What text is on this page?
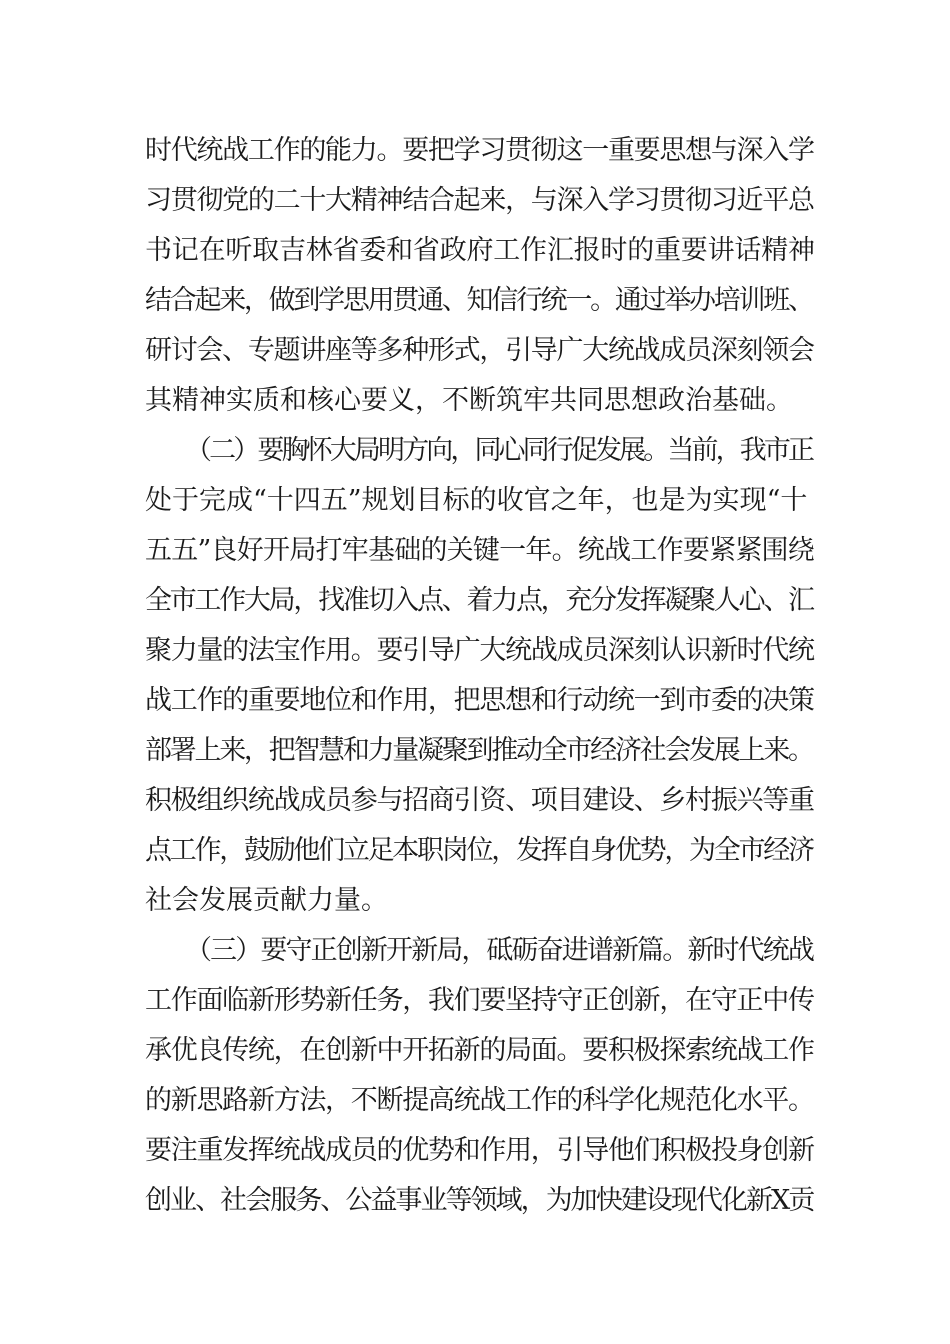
时代统战工作的能力。要把学习贯彻这一重要思想与深入学
习贯彻党的二十大精神结合起来，与深入学习贯彻习近平总
书记在听取吉林省委和省政府工作汇报时的重要讲话精神
结合起来，做到学思用贯通、知信行统一。通过举办培训班、
研讨会、专题讲座等多种形式，引导广大统战成员深刻领会
其精神实质和核心要义，不断筑牢共同思想政治基础。
（二）要胸怀大局明方向，同心同行促发展。当前，我市正
处于完成“十四五”规划目标的收官之年，也是为实现“十
五五”良好开局打牢基础的关键一年。统战工作要紧紧围绕
全市工作大局，找准切入点、着力点，充分发挥凝聚人心、汇
聚力量的法宝作用。要引导广大统战成员深刻认识新时代统
战工作的重要地位和作用，把思想和行动统一到市委的决策
部署上来，把智慧和力量凝聚到推动全市经济社会发展上来。
积极组织统战成员参与招商引资、项目建设、乡村振兴等重
点工作，鼓励他们立足本职岗位，发挥自身优势，为全市经济
社会发展贡献力量。
（三）要守正创新开新局，砥砺奋进谱新篇。新时代统战
工作面临新形势新任务，我们要坚持守正创新，在守正中传
承优良传统，在创新中开拓新的局面。要积极探索统战工作
的新思路新方法，不断提高统战工作的科学化规范化水平。
要注重发挥统战成员的优势和作用，引导他们积极投身创新
创业、社会服务、公益事业等领域，为加快建设现代化新X贡
